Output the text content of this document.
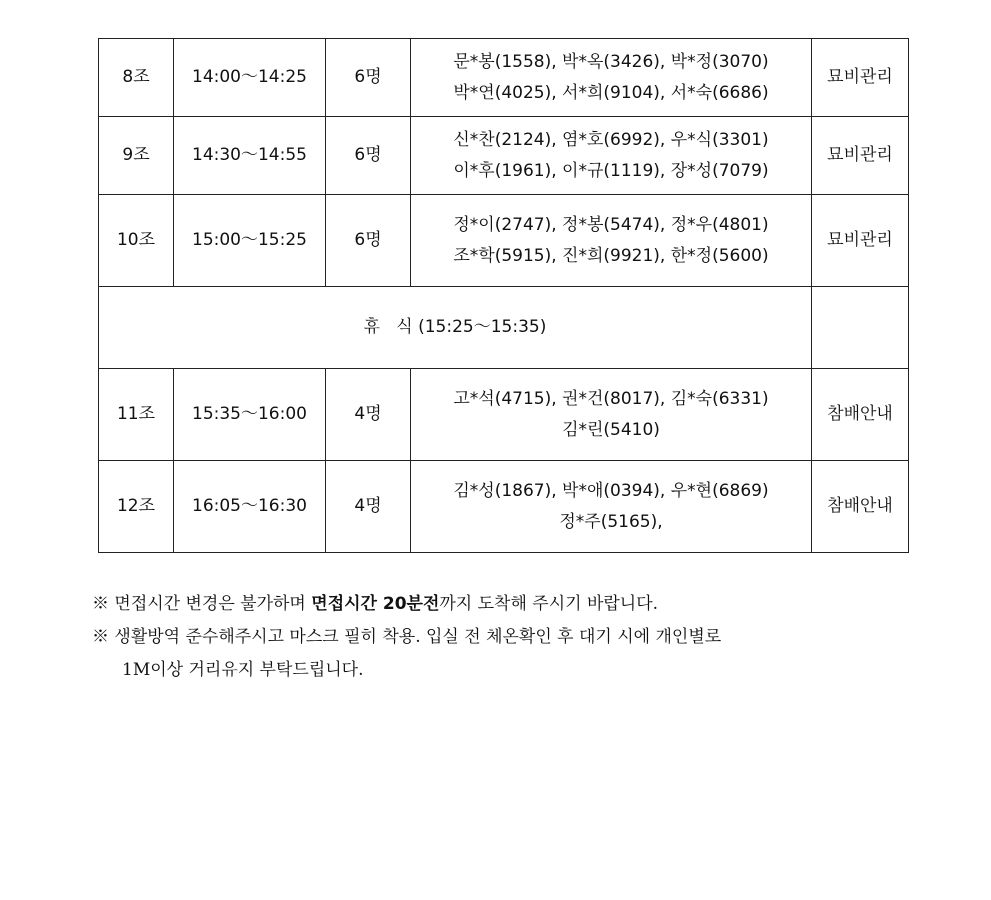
8조	14:00～14:25	6명	문*봉(1558), 박*옥(3426), 박*정(3070)
박*연(4025), 서*희(9104), 서*숙(6686)	묘비관리
9조	14:30～14:55	6명	신*찬(2124), 염*호(6992), 우*식(3301)
이*후(1961), 이*규(1119), 장*성(7079)	묘비관리
10조	15:00～15:25	6명	정*이(2747), 정*봉(5474), 정*우(4801)
조*학(5915), 진*희(9921), 한*정(5600)	묘비관리
휴   식 (15:25～15:35)				
11조	15:35～16:00	4명	고*석(4715), 권*건(8017), 김*숙(6331)
김*린(5410)	참배안내
12조	16:05～16:30	4명	김*성(1867), 박*애(0394), 우*현(6869)
정*주(5165),	참배안내
※ 면접시간 변경은 불가하며 면접시간 20분전까지 도착해 주시기 바랍니다.
※ 생활방역 준수해주시고 마스크 필히 착용. 입실 전 체온확인 후 대기 시에 개인별로
1M이상 거리유지 부탁드립니다.
